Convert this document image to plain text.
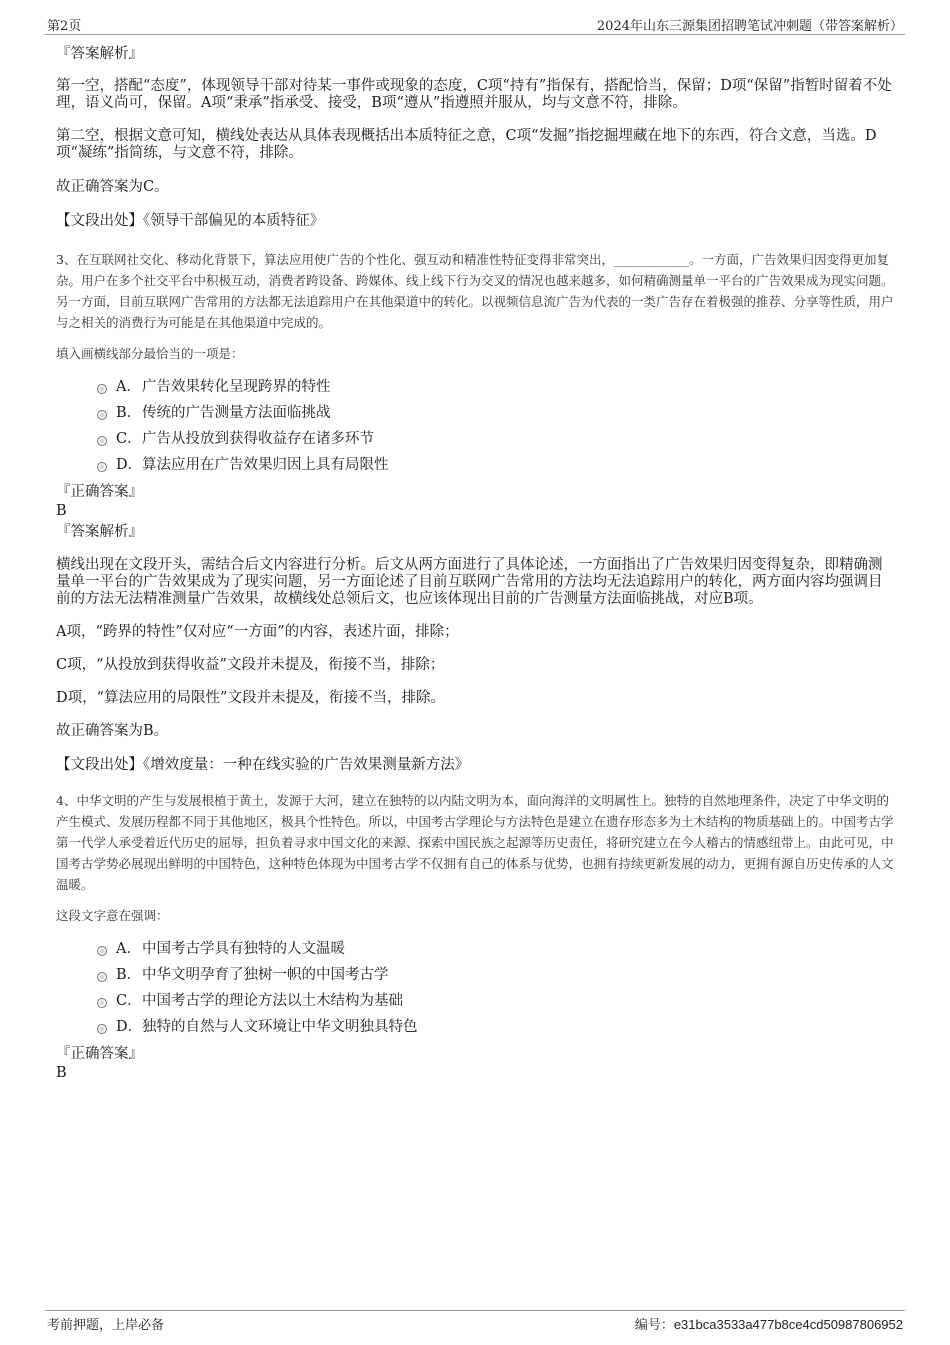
第2页	2024年山东三源集团招聘笔试冲刺题（带答案解析）
『答案解析』

第一空，搭配“态度”，体现领导干部对待某一事件或现象的态度，C项“持有”指保有，搭配恰当，保留；D项“保留”指暂时留着不处理，语义尚可，保留。A项“秉承”指承受、接受，B项“遵从”指遵照并服从，均与文意不符，排除。

第二空，根据文意可知，横线处表达从具体表现概括出本质特征之意，C项“发掘”指挖掘埋藏在地下的东西，符合文意，当选。D项“凝练”指简练，与文意不符，排除。

故正确答案为C。

【文段出处】《领导干部偏见的本质特征》

3、在互联网社交化、移动化背景下，算法应用使广告的个性化、强互动和精准性特征变得非常突出，____________。一方面，广告效果归因变得更加复杂。用户在多个社交平台中积极互动，消费者跨设备、跨媒体、线上线下行为交叉的情况也越来越多，如何精确测量单一平台的广告效果成为现实问题。另一方面，目前互联网广告常用的方法都无法追踪用户在其他渠道中的转化。以视频信息流广告为代表的一类广告存在着极强的推荐、分享等性质，用户与之相关的消费行为可能是在其他渠道中完成的。

填入画横线部分最恰当的一项是：

A．广告效果转化呈现跨界的特性
B．传统的广告测量方法面临挑战
C．广告从投放到获得收益存在诸多环节
D．算法应用在广告效果归因上具有局限性
『正确答案』
B
『答案解析』

横线出现在文段开头，需结合后文内容进行分析。后文从两方面进行了具体论述，一方面指出了广告效果归因变得复杂，即精确测量单一平台的广告效果成为了现实问题，另一方面论述了目前互联网广告常用的方法均无法追踪用户的转化，两方面内容均强调目前的方法无法精准测量广告效果，故横线处总领后文，也应该体现出目前的广告测量方法面临挑战，对应B项。

A项，“跨界的特性”仅对应“一方面”的内容，表述片面，排除；

C项，“从投放到获得收益”文段并未提及，衔接不当，排除；

D项，“算法应用的局限性”文段并未提及，衔接不当，排除。

故正确答案为B。

【文段出处】《增效度量：一种在线实验的广告效果测量新方法》

4、中华文明的产生与发展根植于黄土，发源于大河，建立在独特的以内陆文明为本，面向海洋的文明属性上。独特的自然地理条件，决定了中华文明的产生模式、发展历程都不同于其他地区，极具个性特色。所以，中国考古学理论与方法特色是建立在遗存形态多为土木结构的物质基础上的。中国考古学第一代学人承受着近代历史的屈辱，担负着寻求中国文化的来源、探索中国民族之起源等历史责任，将研究建立在今人稽古的情感纽带上。由此可见，中国考古学势必展现出鲜明的中国特色，这种特色体现为中国考古学不仅拥有自己的体系与优势，也拥有持续更新发展的动力，更拥有源自历史传承的人文温暖。

这段文字意在强调：

A．中国考古学具有独特的人文温暖
B．中华文明孕育了独树一帜的中国考古学
C．中国考古学的理论方法以土木结构为基础
D．独特的自然与人文环境让中华文明独具特色
『正确答案』
B
考前押题，上岸必备	编号：e31bca3533a477b8ce4cd50987806952
